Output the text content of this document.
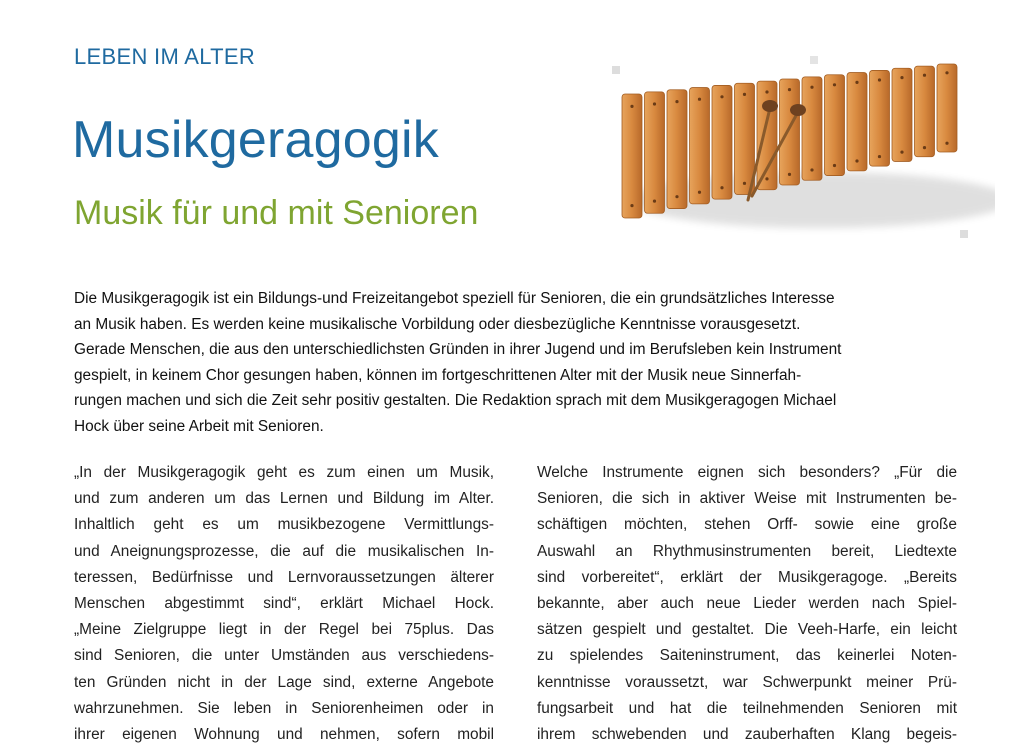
LEBEN IM ALTER
Musikgeragogik
Musik für und mit Senioren
Die Musikgeragogik ist ein Bildungs-und Freizeitangebot speziell für Senioren, die ein grundsätzliches Interesse
an Musik haben. Es werden keine musikalische Vorbildung oder diesbezügliche Kenntnisse vorausgesetzt.
Gerade Menschen, die aus den unterschiedlichsten Gründen in ihrer Jugend und im Berufsleben kein Instrument
gespielt, in keinem Chor gesungen haben, können im fortgeschrittenen Alter mit der Musik neue Sinnerfah-
rungen machen und sich die Zeit sehr positiv gestalten. Die Redaktion sprach mit dem Musikgeragogen Michael
Hock über seine Arbeit mit Senioren.
„In der Musikgeragogik geht es zum einen um Musik,
und zum anderen um das Lernen und Bildung im Alter.
Inhaltlich geht es um musikbezogene Vermittlungs-
und Aneignungsprozesse, die auf die musikalischen In-
teressen, Bedürfnisse und Lernvoraussetzungen älterer
Menschen abgestimmt sind“, erklärt Michael Hock.
„Meine Zielgruppe liegt in der Regel bei 75plus. Das
sind Senioren, die unter Umständen aus verschiedens-
ten Gründen nicht in der Lage sind, externe Angebote
wahrzunehmen. Sie leben in Seniorenheimen oder in
ihrer eigenen Wohnung und nehmen, sofern mobil
Welche Instrumente eignen sich besonders? „Für die
Senioren, die sich in aktiver Weise mit Instrumenten be-
schäftigen möchten, stehen Orff- sowie eine große
Auswahl an Rhythmusinstrumenten bereit, Liedtexte
sind vorbereitet“, erklärt der Musikgeragoge. „Bereits
bekannte, aber auch neue Lieder werden nach Spiel-
sätzen gespielt und gestaltet. Die Veeh-Harfe, ein leicht
zu spielendes Saiteninstrument, das keinerlei Noten-
kenntnisse voraussetzt, war Schwerpunkt meiner Prü-
fungsarbeit und hat die teilnehmenden Senioren mit
ihrem schwebenden und zauberhaften Klang begeis-
